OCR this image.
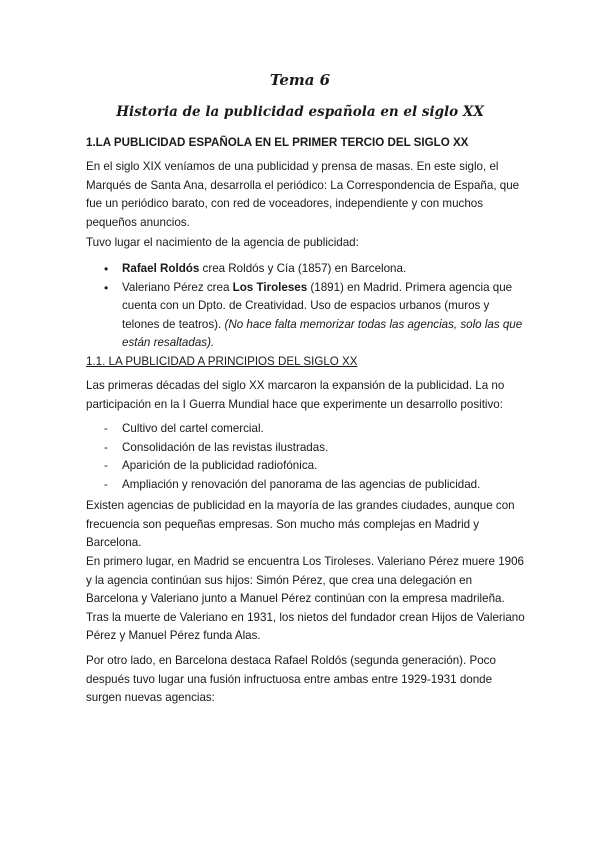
Tema 6
Historia de la publicidad española en el siglo XX
1.LA PUBLICIDAD ESPAÑOLA EN EL PRIMER TERCIO DEL SIGLO XX
En el siglo XIX veníamos de una publicidad y prensa de masas. En este siglo, el Marqués de Santa Ana, desarrolla el periódico: La Correspondencia de España, que fue un periódico barato, con red de voceadores, independiente y con muchos pequeños anuncios.
Tuvo lugar el nacimiento de la agencia de publicidad:
• Rafael Roldós crea Roldós y Cía (1857) en Barcelona.
• Valeriano Pérez crea Los Tiroleses (1891) en Madrid. Primera agencia que cuenta con un Dpto. de Creatividad. Uso de espacios urbanos (muros y telones de teatros). (No hace falta memorizar todas las agencias, solo las que están resaltadas).
1.1. LA PUBLICIDAD A PRINCIPIOS DEL SIGLO XX
Las primeras décadas del siglo XX marcaron la expansión de la publicidad. La no participación en la I Guerra Mundial hace que experimente un desarrollo positivo:
- Cultivo del cartel comercial.
- Consolidación de las revistas ilustradas.
- Aparición de la publicidad radiofónica.
- Ampliación y renovación del panorama de las agencias de publicidad.
Existen agencias de publicidad en la mayoría de las grandes ciudades, aunque con frecuencia son pequeñas empresas. Son mucho más complejas en Madrid y Barcelona.
En primero lugar, en Madrid se encuentra Los Tiroleses. Valeriano Pérez muere 1906 y la agencia continúan sus hijos: Simón Pérez, que crea una delegación en Barcelona y Valeriano junto a Manuel Pérez continúan con la empresa madrileña. Tras la muerte de Valeriano en 1931, los nietos del fundador crean Hijos de Valeriano Pérez y Manuel Pérez funda Alas.
Por otro lado, en Barcelona destaca Rafael Roldós (segunda generación). Poco después tuvo lugar una fusión infructuosa entre ambas entre 1929-1931 donde surgen nuevas agencias:
